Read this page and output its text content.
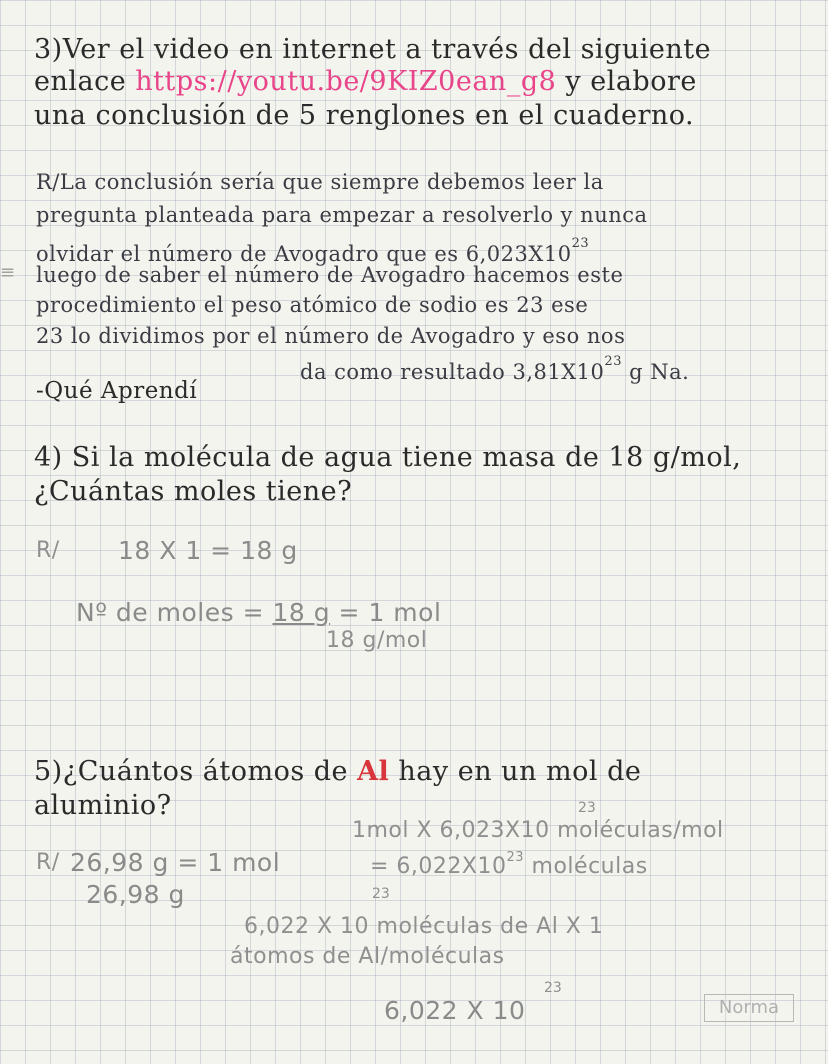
3)Ver el video en internet a través del siguiente
enlace https://youtu.be/9KIZ0ean_g8 y elabore
una conclusión de 5 renglones en el cuaderno.
R/La conclusión sería que siempre debemos leer la
pregunta planteada para empezar a resolverlo y nunca
olvidar el número de Avogadro que es $6,023X10^{23}$
≡ luego de saber el número de Avogadro hacemos este
procedimiento el peso atómico de sodio es 23 ese
23 lo dividimos por el número de Avogadro y eso nos
da como resultado $3,81X10^{23}$ g Na.
-Qué Aprendí
4) Si la molécula de agua tiene masa de 18 g/mol,
¿Cuántas moles tiene?
R/	18 X 1 = 18 g
Nº de moles = 18 g = 1 mol
18 g/mol
5)¿Cuántos átomos de Al hay en un mol de
aluminio?	23
1mol X 6,023X10 moléculas/mol
R/ 26,98 g = 1 mol	= $6,022X10^{23}$ moléculas
26,98 g	23
6,022 X 10 moléculas de Al X 1
átomos de Al/moléculas
23
6,022 X 10	Norma
